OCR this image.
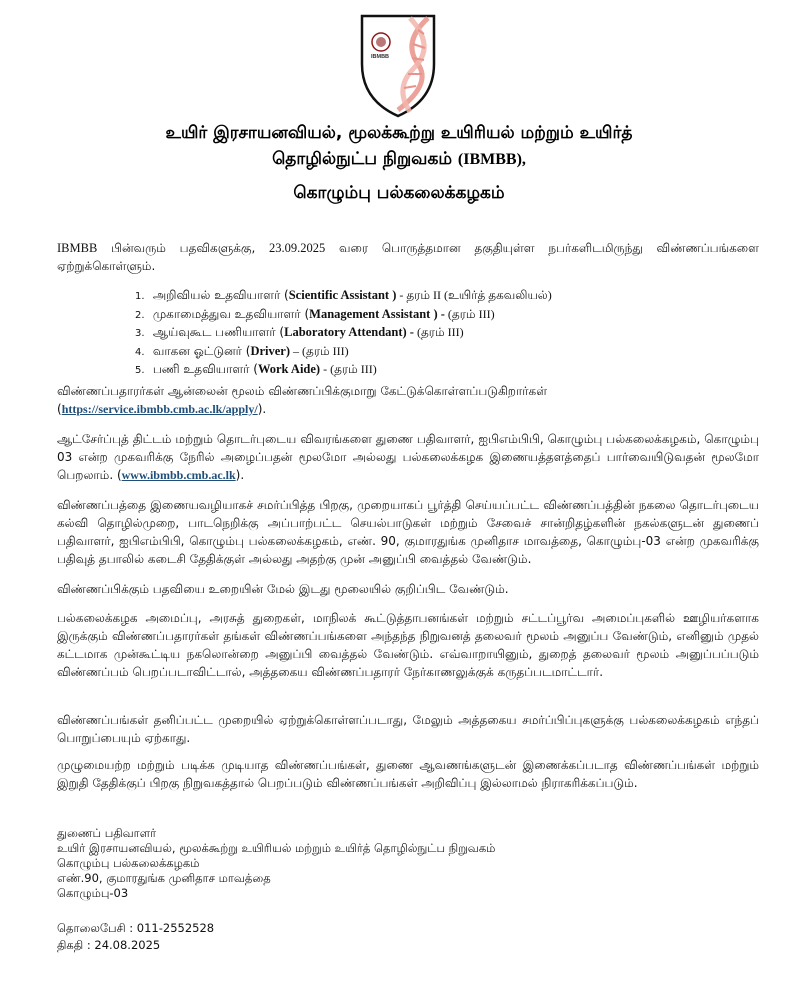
IBMBB
உயிர் இரசாயனவியல், மூலக்கூற்று உயிரியல் மற்றும் உயிர்த்
தொழில்நுட்ப நிறுவகம் (IBMBB),
கொழும்பு பல்கலைக்கழகம்
IBMBB பின்வரும் பதவிகளுக்கு, 23.09.2025 வரை பொருத்தமான தகுதியுள்ள நபர்களிடமிருந்து விண்ணப்பங்களை ஏற்றுக்கொள்ளும்.
1. அறிவியல் உதவியாளர் (Scientific Assistant ) - தரம் II (உயிர்த் தகவலியல்)
2. முகாமைத்துவ உதவியாளர் (Management Assistant ) - (தரம் III)
3. ஆய்வுகூட பணியாளர் (Laboratory Attendant) - (தரம் III)
4. வாகன ஓட்டுனர் (Driver) – (தரம் III)
5. பணி உதவியாளர் (Work Aide) - (தரம் III)
விண்ணப்பதாரர்கள் ஆன்லைன் மூலம் விண்ணப்பிக்குமாறு கேட்டுக்கொள்ளப்படுகிறார்கள்
(https://service.ibmbb.cmb.ac.lk/apply/).
ஆட்சேர்ப்புத் திட்டம் மற்றும் தொடர்புடைய விவரங்களை துணை பதிவாளர், ஐபிஎம்பிபி, கொழும்பு பல்கலைக்கழகம், கொழும்பு 03 என்ற முகவரிக்கு நேரில் அழைப்பதன் மூலமோ அல்லது பல்கலைக்கழக இணையத்தளத்தைப் பார்வையிடுவதன் மூலமோ பெறலாம். (www.ibmbb.cmb.ac.lk).
விண்ணப்பத்தை இணையவழியாகச் சமர்ப்பித்த பிறகு, முறையாகப் பூர்த்தி செய்யப்பட்ட விண்ணப்பத்தின் நகலை தொடர்புடைய கல்வி தொழில்முறை, பாடநெறிக்கு அப்பாற்பட்ட செயல்பாடுகள் மற்றும் சேவைச் சான்றிதழ்களின் நகல்களுடன் துணைப் பதிவாளர், ஐபிஎம்பிபி, கொழும்பு பல்கலைக்கழகம், எண். 90, குமாரதுங்க முனிதாச மாவத்தை, கொழும்பு-03 என்ற முகவரிக்கு பதிவுத் தபாலில் கடைசி தேதிக்குள் அல்லது அதற்கு முன் அனுப்பி வைத்தல் வேண்டும்.
விண்ணப்பிக்கும் பதவியை உறையின் மேல் இடது மூலையில் குறிப்பிட வேண்டும்.
பல்கலைக்கழக அமைப்பு, அரசுத் துறைகள், மாநிலக் கூட்டுத்தாபனங்கள் மற்றும் சட்டப்பூர்வ அமைப்புகளில் ஊழியர்களாக இருக்கும் விண்ணப்பதாரர்கள் தங்கள் விண்ணப்பங்களை அந்தந்த நிறுவனத் தலைவர் மூலம் அனுப்ப வேண்டும், எனினும் முதல் கட்டமாக முன்கூட்டிய நகலொன்றை அனுப்பி வைத்தல் வேண்டும். எவ்வாறாயினும், துறைத் தலைவர் மூலம் அனுப்பப்படும் விண்ணப்பம் பெறப்படாவிட்டால், அத்தகைய விண்ணப்பதாரர் நேர்காணலுக்குக் கருதப்படமாட்டார்.
விண்ணப்பங்கள் தனிப்பட்ட முறையில் ஏற்றுக்கொள்ளப்படாது, மேலும் அத்தகைய சமர்ப்பிப்புகளுக்கு பல்கலைக்கழகம் எந்தப் பொறுப்பையும் ஏற்காது.
முழுமையற்ற மற்றும் படிக்க முடியாத விண்ணப்பங்கள், துணை ஆவணங்களுடன் இணைக்கப்படாத விண்ணப்பங்கள் மற்றும் இறுதி தேதிக்குப் பிறகு நிறுவகத்தால் பெறப்படும் விண்ணப்பங்கள் அறிவிப்பு இல்லாமல் நிராகரிக்கப்படும்.
துணைப் பதிவாளர்
உயிர் இரசாயனவியல், மூலக்கூற்று உயிரியல் மற்றும் உயிர்த் தொழில்நுட்ப நிறுவகம்
கொழும்பு பல்கலைக்கழகம்
எண்.90, குமாரதுங்க முனிதாச மாவத்தை
கொழும்பு-03
தொலைபேசி : 011-2552528
திகதி : 24.08.2025
